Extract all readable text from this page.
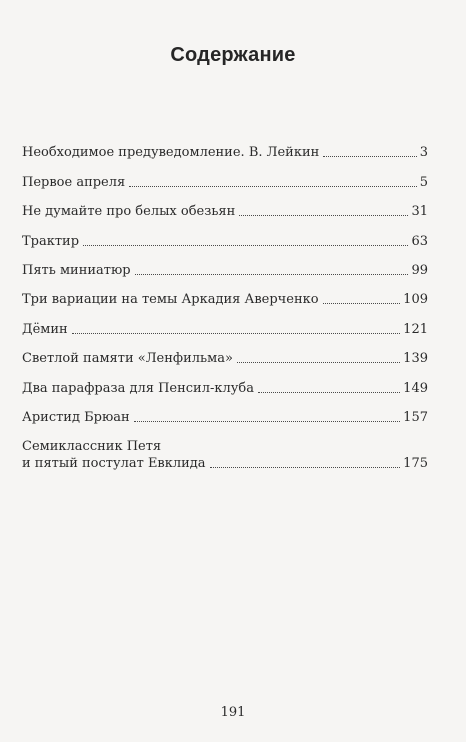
Содержание
Необходимое предуведомление. В. Лейкин	3
Первое апреля	5
Не думайте про белых обезьян	31
Трактир	63
Пять миниатюр	99
Три вариации на темы Аркадия Аверченко	109
Дёмин	121
Светлой памяти «Ленфильма»	139
Два парафраза для Пенсил-клуба	149
Аристид Брюан	157
Семиклассник Петя
и пятый постулат Евклида	175
191
